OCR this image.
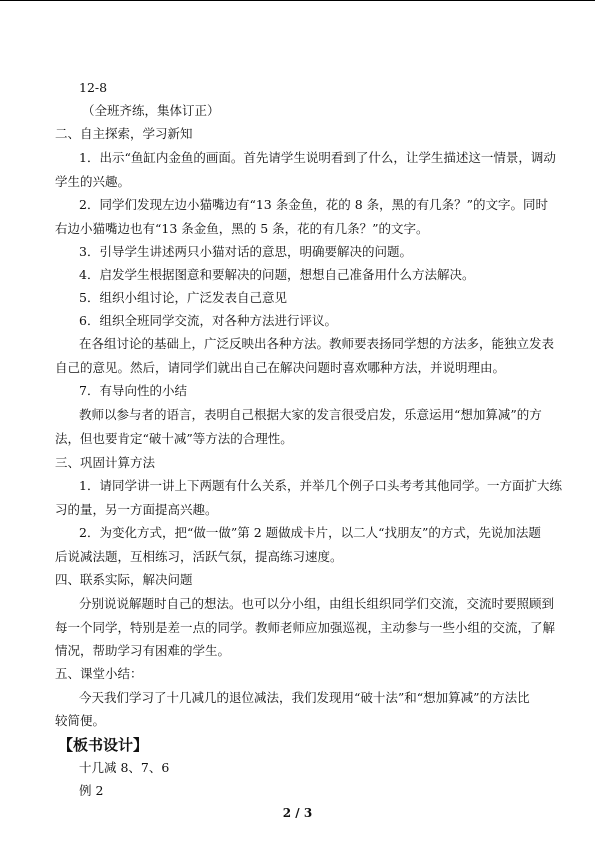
12-8
（全班齐练，集体订正）
二、自主探索，学习新知
1．出示“鱼缸内金鱼的画面。首先请学生说明看到了什么，让学生描述这一情景，调动
学生的兴趣。
2．同学们发现左边小猫嘴边有“13 条金鱼，花的 8 条，黑的有几条？”的文字。同时
右边小猫嘴边也有“13 条金鱼，黑的 5 条，花的有几条？”的文字。
3．引导学生讲述两只小猫对话的意思，明确要解决的问题。
4．启发学生根据图意和要解决的问题，想想自己准备用什么方法解决。
5．组织小组讨论，广泛发表自己意见
6．组织全班同学交流，对各种方法进行评议。
在各组讨论的基础上，广泛反映出各种方法。教师要表扬同学想的方法多，能独立发表
自己的意见。然后，请同学们就出自己在解决问题时喜欢哪种方法，并说明理由。
7．有导向性的小结
教师以参与者的语言，表明自己根据大家的发言很受启发，乐意运用“想加算减”的方
法，但也要肯定“破十减”等方法的合理性。
三、巩固计算方法
1．请同学讲一讲上下两题有什么关系，并举几个例子口头考考其他同学。一方面扩大练
习的量，另一方面提高兴趣。
2．为变化方式，把“做一做”第 2 题做成卡片，以二人“找朋友”的方式，先说加法题
后说减法题，互相练习，活跃气氛，提高练习速度。
四、联系实际，解决问题
分别说说解题时自己的想法。也可以分小组，由组长组织同学们交流，交流时要照顾到
每一个同学，特别是差一点的同学。教师老师应加强巡视，主动参与一些小组的交流，了解
情况，帮助学习有困难的学生。
五、课堂小结：
今天我们学习了十几减几的退位减法，我们发现用“破十法”和“想加算减”的方法比
较简便。
【板书设计】
十几减 8、7、6
例 2
2 / 3
